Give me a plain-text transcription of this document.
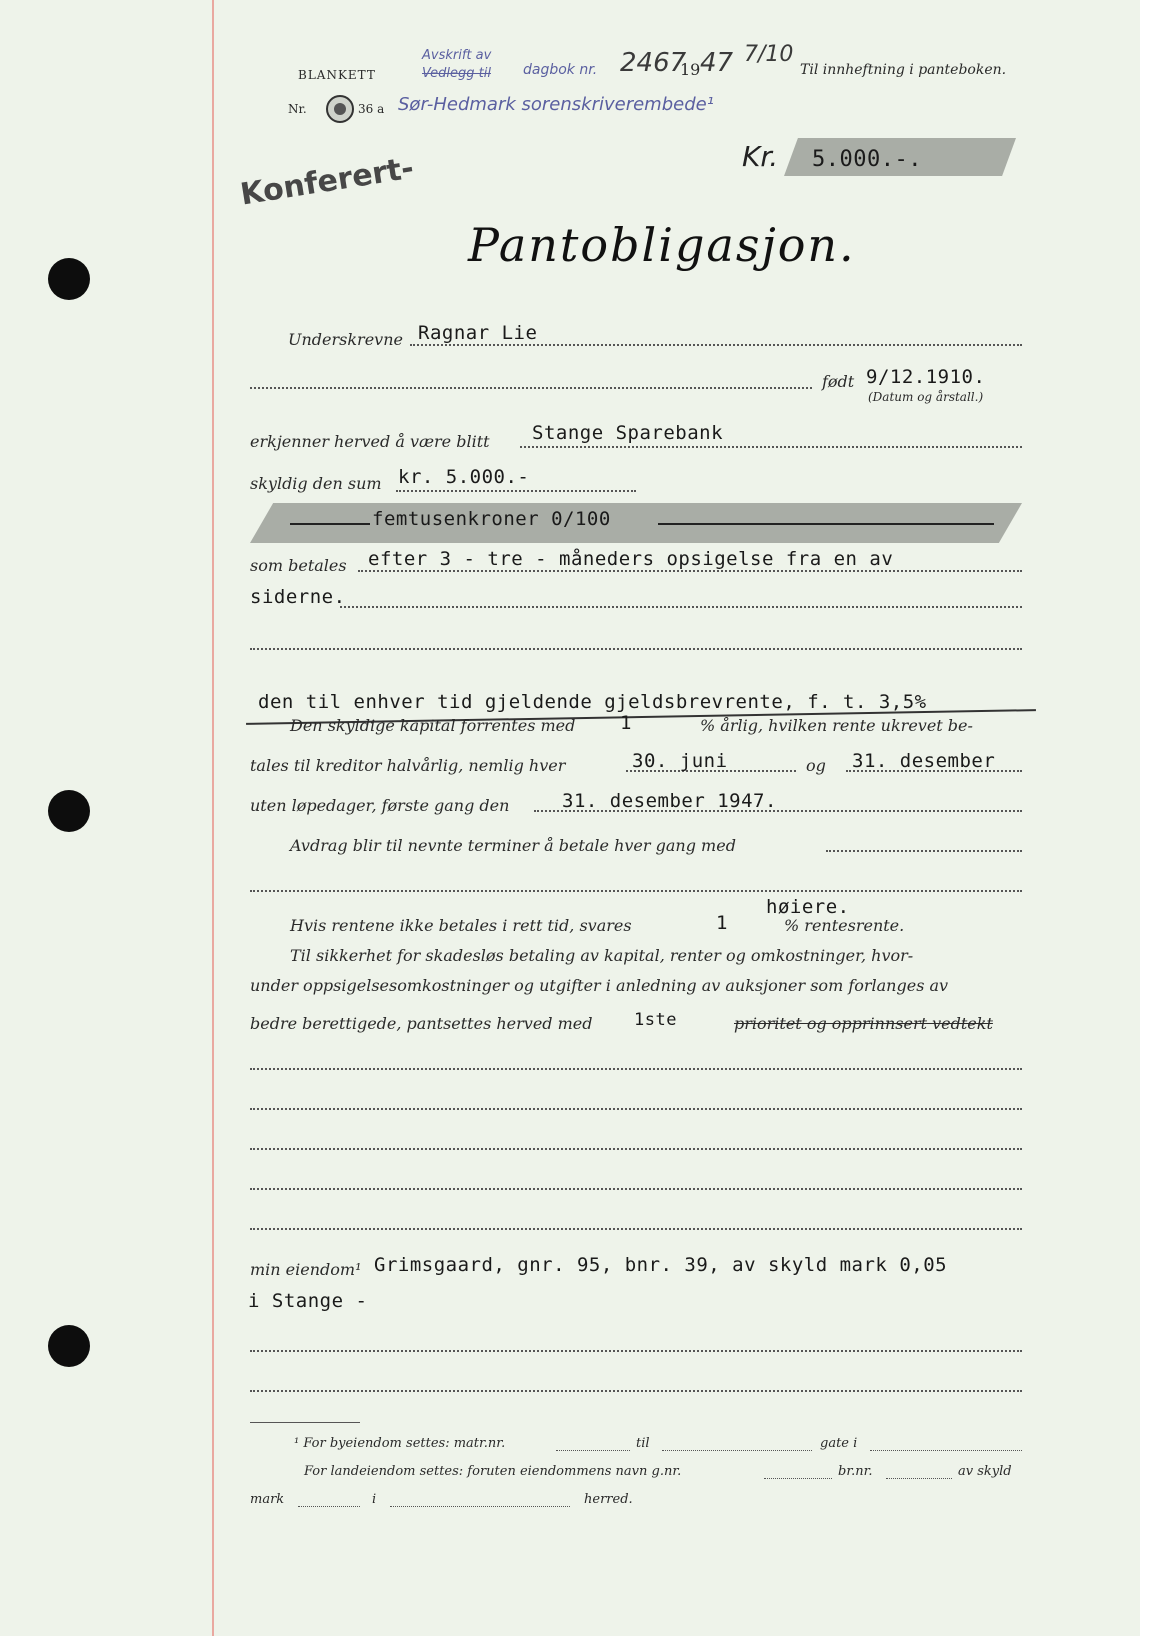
BLANKETT
Avskrift av
Vedlegg til dagbok nr. 2467
19 47 7/10
Til innheftning i panteboken.
Nr.	36 a Sør-Hedmark sorenskriverembede¹
Kr. 5.000.-.
Konferert-
Pantobligasjon.
Underskrevne Ragnar Lie
født 9/12.1910.
(Datum og årstall.)
erkjenner herved å være blitt Stange Sparebank
skyldig den sum kr. 5.000.-
femtusenkroner 0/100
som betales efter 3 - tre - måneders opsigelse fra en av
siderne.
den til enhver tid gjeldende gjeldsbrevrente, f. t. 3,5%
Den skyldige kapital forrentes med 1	% årlig, hvilken rente ukrevet be-
tales til kreditor halvårlig, nemlig hver	30. juni	og 31. desember
uten løpedager, første gang den	31. desember 1947.
Avdrag blir til nevnte terminer å betale hver gang med
høiere.
Hvis rentene ikke betales i rett tid, svares	1	% rentesrente.
Til sikkerhet for skadesløs betaling av kapital, renter og omkostninger, hvor-
under oppsigelsesomkostninger og utgifter i anledning av auksjoner som forlanges av
bedre berettigede, pantsettes herved med 1ste	prioritet og opprinnsert vedtekt
min eiendom¹ Grimsgaard, gnr. 95, bnr. 39, av skyld mark 0,05
i Stange -
¹ For byeiendom settes: matr.nr.	til	gate i
For landeiendom settes: foruten eiendommens navn g.nr.	br.nr.	av skyld
mark	i	herred.
